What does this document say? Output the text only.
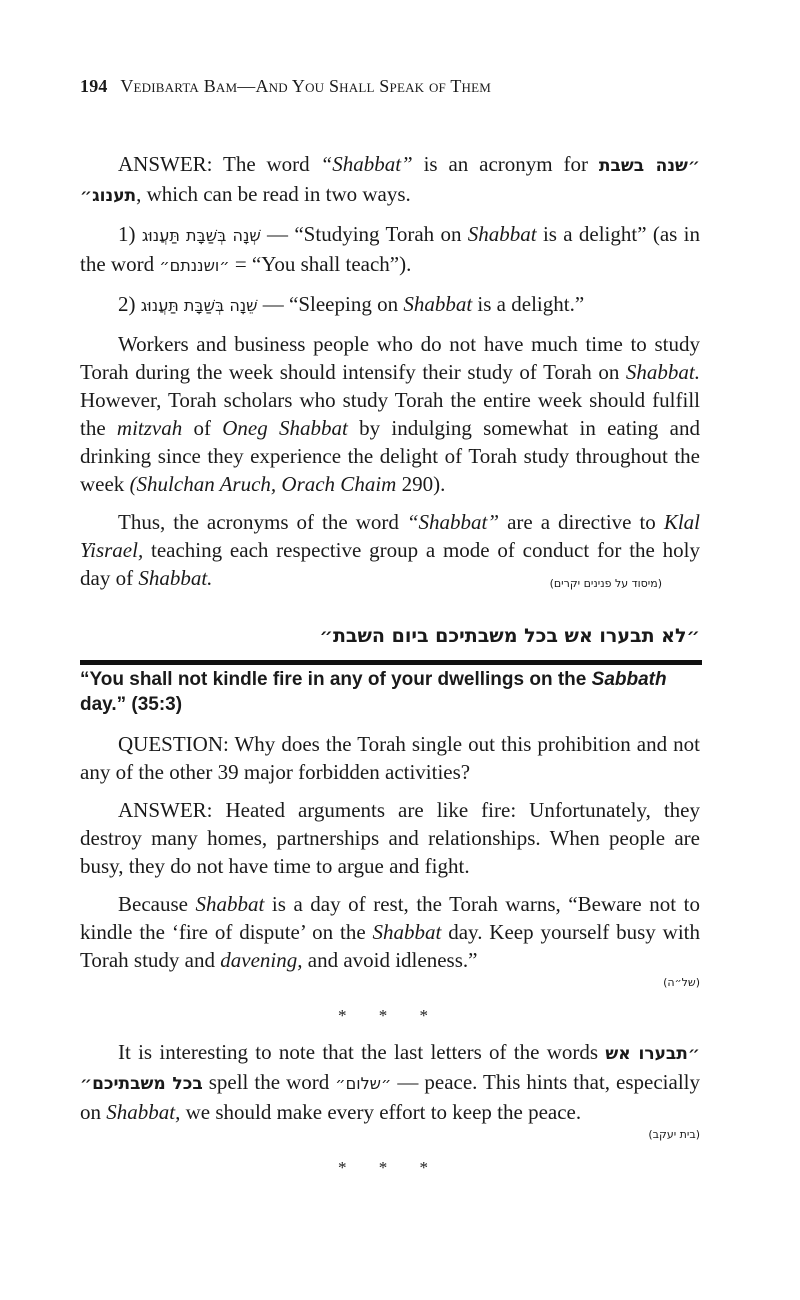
194 Vedibarta Bam—And You Shall Speak of Them

ANSWER: The word “Shabbat” is an acronym for ״שנה בשבת תענוג״, which can be read in two ways.

1) שְׁנָה בְּשַׁבָּת תַּעֲנוּג — “Studying Torah on Shabbat is a delight” (as in the word ״ושננתם״ = “You shall teach”).

2) שֵׁנָה בְּשַׁבָּת תַּעֲנוּג — “Sleeping on Shabbat is a delight.”

Workers and business people who do not have much time to study Torah during the week should intensify their study of Torah on Shabbat. However, Torah scholars who study Torah the entire week should fulfill the mitzvah of Oneg Shabbat by indulging somewhat in eating and drinking since they experience the delight of Torah study throughout the week (Shulchan Aruch, Orach Chaim 290).

Thus, the acronyms of the word “Shabbat” are a directive to Klal Yisrael, teaching each respective group a mode of conduct for the holy day of Shabbat.	(מיסוד על פנינים יקרים)

״לא תבערו אש בכל משבתיכם ביום השבת״
“You shall not kindle fire in any of your dwellings on the Sabbath day.” (35:3)

QUESTION: Why does the Torah single out this prohibition and not any of the other 39 major forbidden activities?

ANSWER: Heated arguments are like fire: Unfortunately, they destroy many homes, partnerships and relationships. When people are busy, they do not have time to argue and fight.

Because Shabbat is a day of rest, the Torah warns, “Beware not to kindle the ‘fire of dispute’ on the Shabbat day. Keep yourself busy with Torah study and davening, and avoid idleness.”

(של״ה)
* * *

It is interesting to note that the last letters of the words ״תבערו אש בכל משבתיכם״ spell the word ״שלום״ — peace. This hints that, especially on Shabbat, we should make every effort to keep the peace.

(בית יעקב)
* * *
